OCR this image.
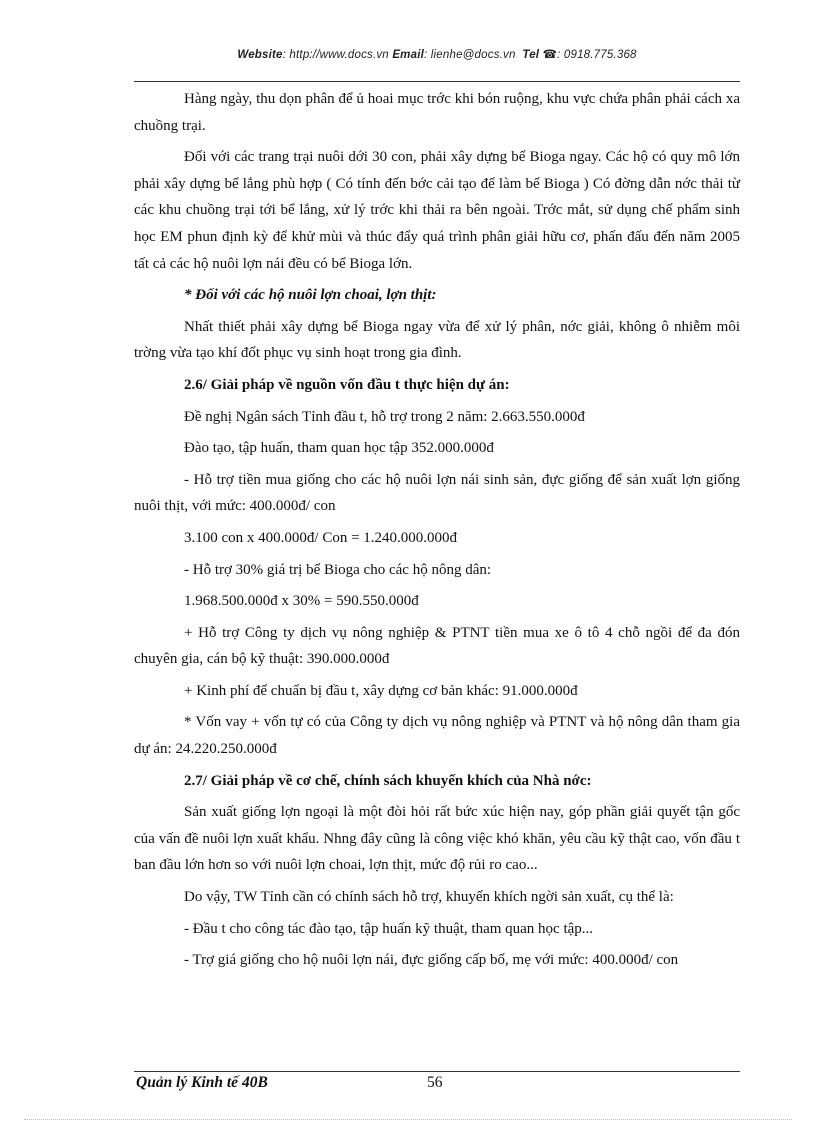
Website: http://www.docs.vn Email: lienhe@docs.vn Tel ☎: 0918.775.368

Hàng ngày, thu dọn phân để ủ hoai mục trớc khi bón ruộng, khu vực chứa phân phải cách xa chuồng trại.

Đối với các trang trại nuôi dới 30 con, phải xây dựng bể Bioga ngay. Các hộ có quy mô lớn phải xây dựng bể lắng phù hợp ( Có tính đến bớc cải tạo để làm bể Bioga ) Có đờng dẫn nớc thải từ các khu chuồng trại tới bể lắng, xử lý trớc khi thải ra bên ngoài. Trớc mắt, sử dụng chế phẩm sinh học EM phun định kỳ để khử mùi và thúc đẩy quá trình phân giải hữu cơ, phấn đấu đến năm 2005 tất cả các hộ nuôi lợn nái đều có bể Bioga lớn.

* Đối với các hộ nuôi lợn choai, lợn thịt:

Nhất thiết phải xây dựng bể Bioga ngay vừa để xử lý phân, nớc giải, không ô nhiễm môi trờng vừa tạo khí đốt phục vụ sinh hoạt trong gia đình.

2.6/ Giải pháp về nguồn vốn đầu t thực hiện dự án:

Đề nghị Ngân sách Tỉnh đầu t, hỗ trợ trong 2 năm: 2.663.550.000đ

Đào tạo, tập huấn, tham quan học tập 352.000.000đ

- Hỗ trợ tiền mua giống cho các hộ nuôi lợn nái sinh sản, đực giống để sản xuất lợn giống nuôi thịt, với mức: 400.000đ/ con

3.100 con x 400.000đ/ Con = 1.240.000.000đ

- Hỗ trợ 30% giá trị bể Bioga cho các hộ nông dân:

1.968.500.000đ x 30% = 590.550.000đ

+ Hỗ trợ Công ty dịch vụ nông nghiệp & PTNT tiền mua xe ô tô 4 chỗ ngồi để đa đón chuyên gia, cán bộ kỹ thuật: 390.000.000đ

+ Kinh phí để chuẩn bị đầu t, xây dựng cơ bản khác: 91.000.000đ

* Vốn vay + vốn tự có của Công ty dịch vụ nông nghiệp và PTNT và hộ nông dân tham gia dự án: 24.220.250.000đ

2.7/ Giải pháp về cơ chế, chính sách khuyến khích của Nhà nớc:

Sản xuất giống lợn ngoại là một đòi hỏi rất bức xúc hiện nay, góp phần giải quyết tận gốc của vấn đề nuôi lợn xuất khẩu. Nhng đây cũng là công việc khó khăn, yêu cầu kỹ thật cao, vốn đầu t ban đầu lớn hơn so với nuôi lợn choai, lợn thịt, mức độ rủi ro cao...

Do vậy, TW Tỉnh cần có chính sách hỗ trợ, khuyến khích ngời sản xuất, cụ thể là:

- Đầu t cho công tác đào tạo, tập huấn kỹ thuật, tham quan học tập...

- Trợ giá giống cho hộ nuôi lợn nái, đực giống cấp bố, mẹ với mức: 400.000đ/ con

Quản lý Kinh tế 40B	56
